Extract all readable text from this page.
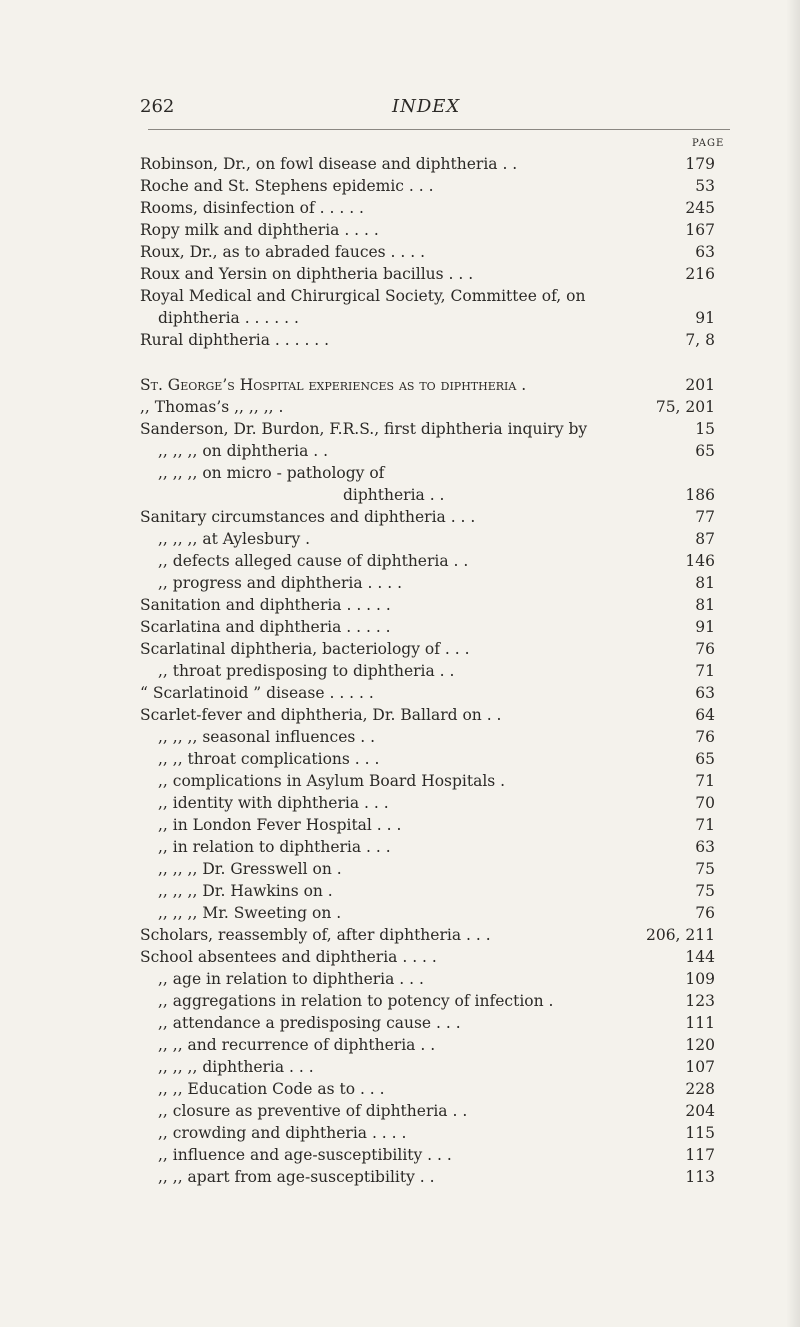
262	INDEX
PAGE
Robinson, Dr., on fowl disease and diphtheria . .	179
Roche and St. Stephens epidemic . . .	53
Rooms, disinfection of . . . . .	245
Ropy milk and diphtheria . . . .	167
Roux, Dr., as to abraded fauces . . . .	63
Roux and Yersin on diphtheria bacillus . . .	216
Royal Medical and Chirurgical Society, Committee of, on
diphtheria . . . . . .	91
Rural diphtheria . . . . . .	7, 8
St. George’s Hospital experiences as to diphtheria .	201
,, Thomas’s ,, ,, ,, .	75, 201
Sanderson, Dr. Burdon, F.R.S., first diphtheria inquiry by	15
,, ,, ,, on diphtheria . .	65
,, ,, ,, on micro - pathology of
diphtheria . .	186
Sanitary circumstances and diphtheria . . .	77
,, ,, ,, at Aylesbury .	87
,, defects alleged cause of diphtheria . .	146
,, progress and diphtheria . . . .	81
Sanitation and diphtheria . . . . .	81
Scarlatina and diphtheria . . . . .	91
Scarlatinal diphtheria, bacteriology of . . .	76
,, throat predisposing to diphtheria . .	71
“ Scarlatinoid ” disease . . . . .	63
Scarlet-fever and diphtheria, Dr. Ballard on . .	64
,, ,, ,, seasonal influences . .	76
,, ,, throat complications . . .	65
,, complications in Asylum Board Hospitals .	71
,, identity with diphtheria . . .	70
,, in London Fever Hospital . . .	71
,, in relation to diphtheria . . .	63
,, ,, ,, Dr. Gresswell on .	75
,, ,, ,, Dr. Hawkins on .	75
,, ,, ,, Mr. Sweeting on .	76
Scholars, reassembly of, after diphtheria . . .	206, 211
School absentees and diphtheria . . . .	144
,, age in relation to diphtheria . . .	109
,, aggregations in relation to potency of infection .	123
,, attendance a predisposing cause . . .	111
,, ,, and recurrence of diphtheria . .	120
,, ,, ,, diphtheria . . .	107
,, ,, Education Code as to . . .	228
,, closure as preventive of diphtheria . .	204
,, crowding and diphtheria . . . .	115
,, influence and age-susceptibility . . .	117
,, ,, apart from age-susceptibility . .	113
